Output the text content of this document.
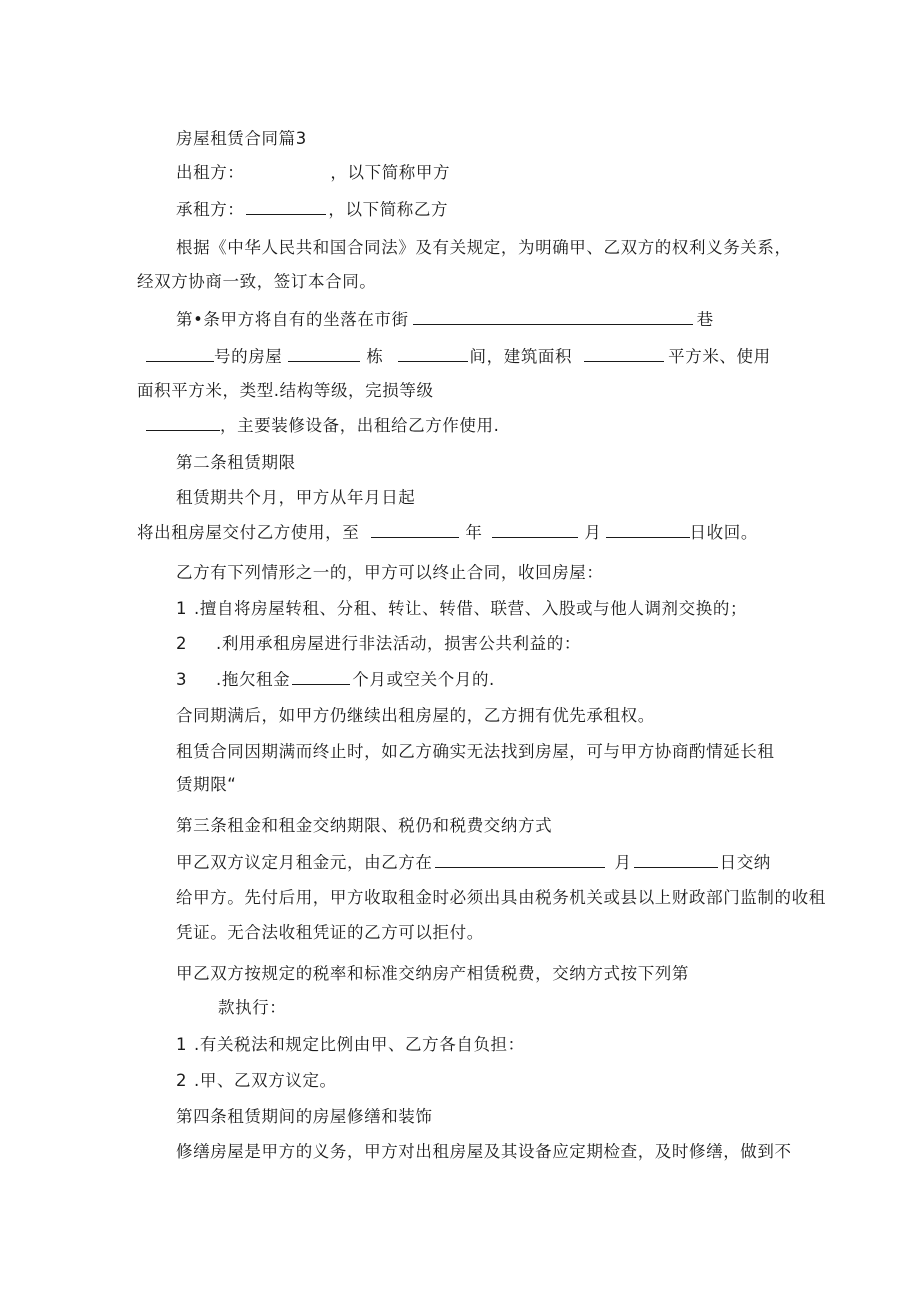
房屋租赁合同篇3
出租方：	，以下简称甲方
承租方：	，以下简称乙方
根据《中华人民共和国合同法》及有关规定，为明确甲、乙双方的权利义务关系，
经双方协商一致，签订本合同。
第•条甲方将自有的坐落在市街	巷
号的房屋	栋	间，建筑面积	平方米、使用
面积平方米，类型.结构等级，完损等级
，主要装修设备，出租给乙方作使用.
第二条租赁期限
租赁期共个月，甲方从年月日起
将出租房屋交付乙方使用，至	年	月	日收回。
乙方有下列情形之一的，甲方可以终止合同，收回房屋：
1 .擅自将房屋转租、分租、转让、转借、联营、入股或与他人调剂交换的；
2 .利用承租房屋进行非法活动，损害公共利益的：
3 .拖欠租金	个月或空关个月的.
合同期满后，如甲方仍继续出租房屋的，乙方拥有优先承租权。
租赁合同因期满而终止时，如乙方确实无法找到房屋，可与甲方协商酌情延长租
赁期限“
第三条租金和租金交纳期限、税仍和税费交纳方式
甲乙双方议定月租金元，由乙方在	月	日交纳
给甲方。先付后用，甲方收取租金时必须出具由税务机关或县以上财政部门监制的收租
凭证。无合法收租凭证的乙方可以拒付。
甲乙双方按规定的税率和标准交纳房产相赁税费，交纳方式按下列第
款执行：
1 .有关税法和规定比例由甲、乙方各自负担：
2 .甲、乙双方议定。
第四条租赁期间的房屋修缮和装饰
修缮房屋是甲方的义务，甲方对出租房屋及其设备应定期检查，及时修缮，做到不
